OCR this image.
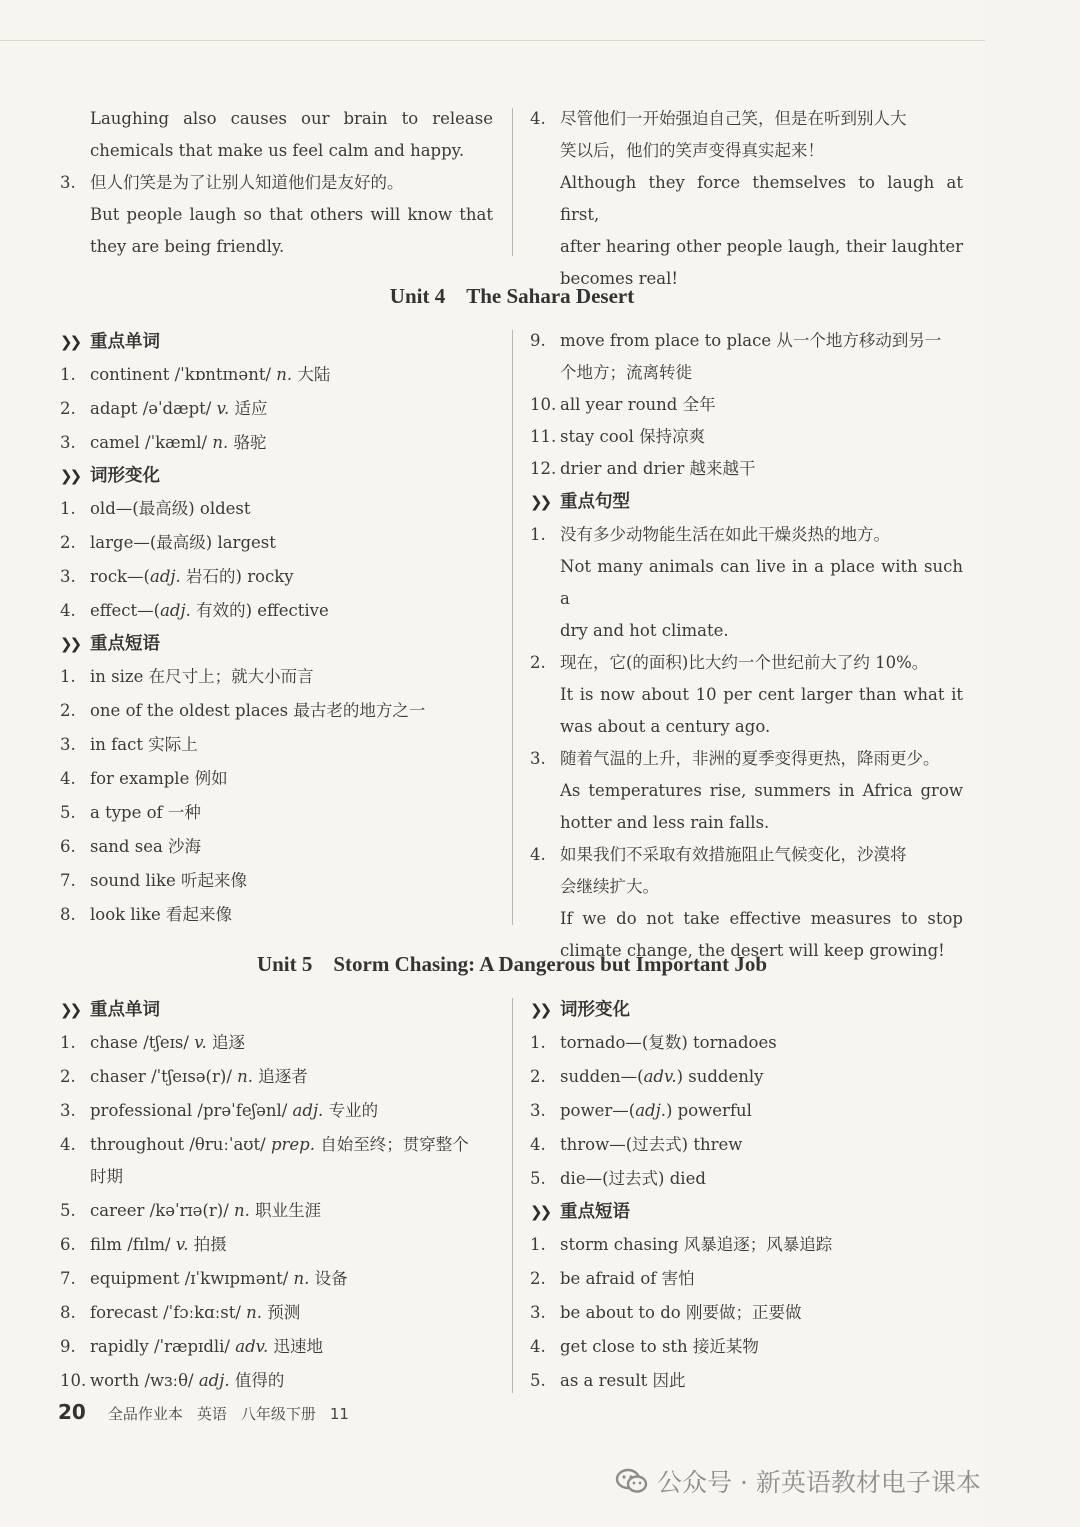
Laughing also causes our brain to release
chemicals that make us feel calm and happy.
3. 但人们笑是为了让别人知道他们是友好的。
But people laugh so that others will know that
they are being friendly.
4. 尽管他们一开始强迫自己笑，但是在听到别人大
笑以后，他们的笑声变得真实起来！
Although they force themselves to laugh at first,
after hearing other people laugh, their laughter
becomes real!
Unit 4　The Sahara Desert
❯❯ 重点单词
1. continent /ˈkɒntɪnənt/ n. 大陆
2. adapt /əˈdæpt/ v. 适应
3. camel /ˈkæml/ n. 骆驼
❯❯ 词形变化
1. old—(最高级) oldest
2. large—(最高级) largest
3. rock—(adj. 岩石的) rocky
4. effect—(adj. 有效的) effective
❯❯ 重点短语
1. in size 在尺寸上；就大小而言
2. one of the oldest places 最古老的地方之一
3. in fact 实际上
4. for example 例如
5. a type of 一种
6. sand sea 沙海
7. sound like 听起来像
8. look like 看起来像
9. move from place to place 从一个地方移动到另一
个地方；流离转徙
10. all year round 全年
11. stay cool 保持凉爽
12. drier and drier 越来越干
❯❯ 重点句型
1. 没有多少动物能生活在如此干燥炎热的地方。
Not many animals can live in a place with such a
dry and hot climate.
2. 现在，它(的面积)比大约一个世纪前大了约 10%。
It is now about 10 per cent larger than what it
was about a century ago.
3. 随着气温的上升，非洲的夏季变得更热，降雨更少。
As temperatures rise, summers in Africa grow
hotter and less rain falls.
4. 如果我们不采取有效措施阻止气候变化，沙漠将
会继续扩大。
If we do not take effective measures to stop
climate change, the desert will keep growing!
Unit 5　Storm Chasing: A Dangerous but Important Job
❯❯ 重点单词
1. chase /tʃeɪs/ v. 追逐
2. chaser /ˈtʃeɪsə(r)/ n. 追逐者
3. professional /prəˈfeʃənl/ adj. 专业的
4. throughout /θruːˈaʊt/ prep. 自始至终；贯穿整个
时期
5. career /kəˈrɪə(r)/ n. 职业生涯
6. film /fɪlm/ v. 拍摄
7. equipment /ɪˈkwɪpmənt/ n. 设备
8. forecast /ˈfɔːkɑːst/ n. 预测
9. rapidly /ˈræpɪdli/ adv. 迅速地
10. worth /wɜːθ/ adj. 值得的
❯❯ 词形变化
1. tornado—(复数) tornadoes
2. sudden—(adv.) suddenly
3. power—(adj.) powerful
4. throw—(过去式) threw
5. die—(过去式) died
❯❯ 重点短语
1. storm chasing 风暴追逐；风暴追踪
2. be afraid of 害怕
3. be about to do 刚要做；正要做
4. get close to sth 接近某物
5. as a result 因此
20 全品作业本 英语 八年级下册 11
公众号 · 新英语教材电子课本
